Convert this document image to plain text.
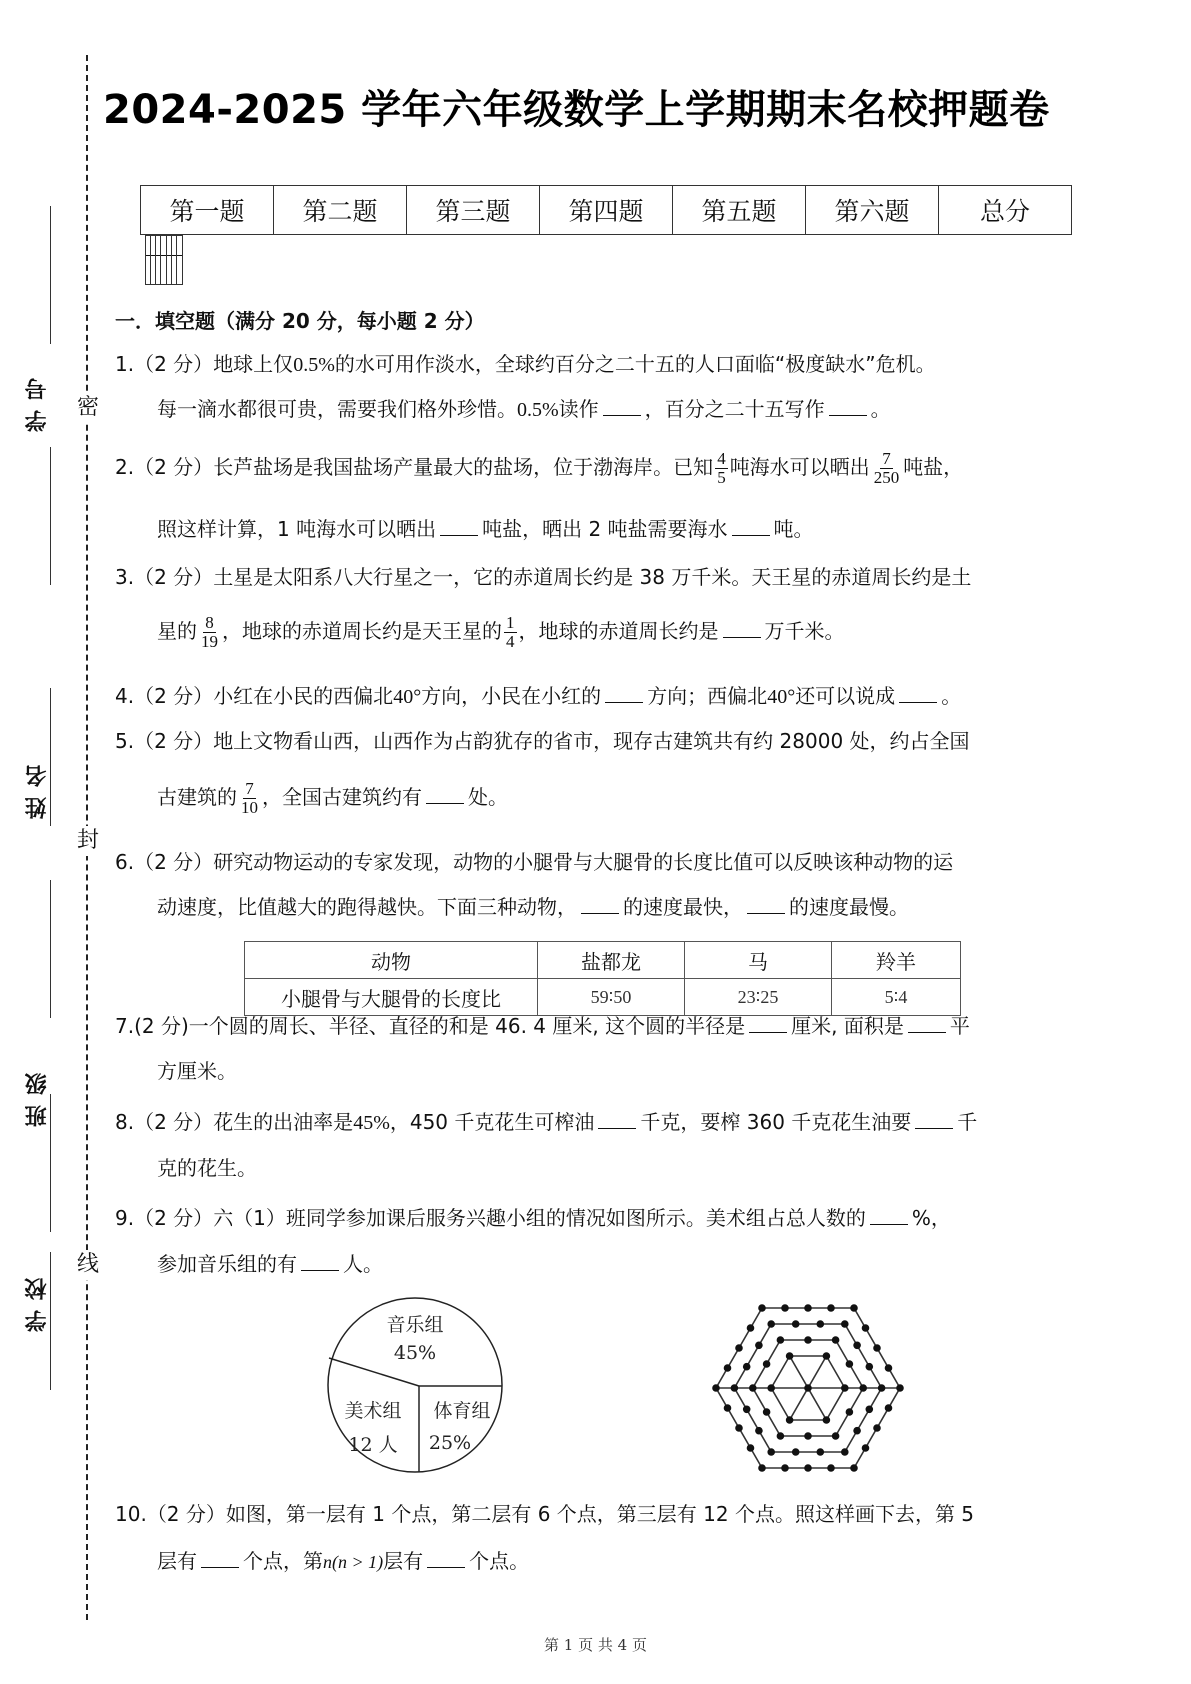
2024-2025 学年六年级数学上学期期末名校押题卷
密
封
线
学号
姓名
班级
学校
第一题	第二题	第三题	第四题	第五题	第六题	总分

一．填空题（满分 20 分，每小题 2 分）
1.（2 分）地球上仅0.5%的水可用作淡水，全球约百分之二十五的人口面临“极度缺水”危机。
每一滴水都很可贵，需要我们格外珍惜。0.5%读作 ，百分之二十五写作 。
2.（2 分）长芦盐场是我国盐场产量最大的盐场，位于渤海岸。已知 $\frac{4}{5}$ 吨海水可以晒出 $\frac{7}{250}$ 吨盐，
照这样计算，1 吨海水可以晒出 吨盐，晒出 2 吨盐需要海水 吨。
3.（2 分）土星是太阳系八大行星之一，它的赤道周长约是 38 万千米。天王星的赤道周长约是土
星的 $\frac{8}{19}$ ，地球的赤道周长约是天王星的 $\frac{1}{4}$ ，地球的赤道周长约是 万千米。
4.（2 分）小红在小民的西偏北40°方向，小民在小红的 方向；西偏北40°还可以说成 。
5.（2 分）地上文物看山西，山西作为占韵犹存的省市，现存古建筑共有约 28000 处，约占全国
古建筑的 $\frac{7}{10}$ ，全国古建筑约有 处。
6.（2 分）研究动物运动的专家发现，动物的小腿骨与大腿骨的长度比值可以反映该种动物的运
动速度，比值越大的跑得越快。下面三种动物， 的速度最快， 的速度最慢。
动物	盐都龙	马	羚羊
小腿骨与大腿骨的长度比	59∶50	23∶25	5∶4
7.(2 分)一个圆的周长、半径、直径的和是 46. 4 厘米, 这个圆的半径是 厘米, 面积是 平
方厘米。
8.（2 分）花生的出油率是45%，450 千克花生可榨油 千克，要榨 360 千克花生油要 千
克的花生。
9.（2 分）六（1）班同学参加课后服务兴趣小组的情况如图所示。美术组占总人数的 %，
参加音乐组的有 人。
音乐组
45%
美术组
12 人
体育组
25%
10.（2 分）如图，第一层有 1 个点，第二层有 6 个点，第三层有 12 个点。照这样画下去，第 5
层有 个点，第n(n > 1)层有 个点。
第 1 页 共 4 页
